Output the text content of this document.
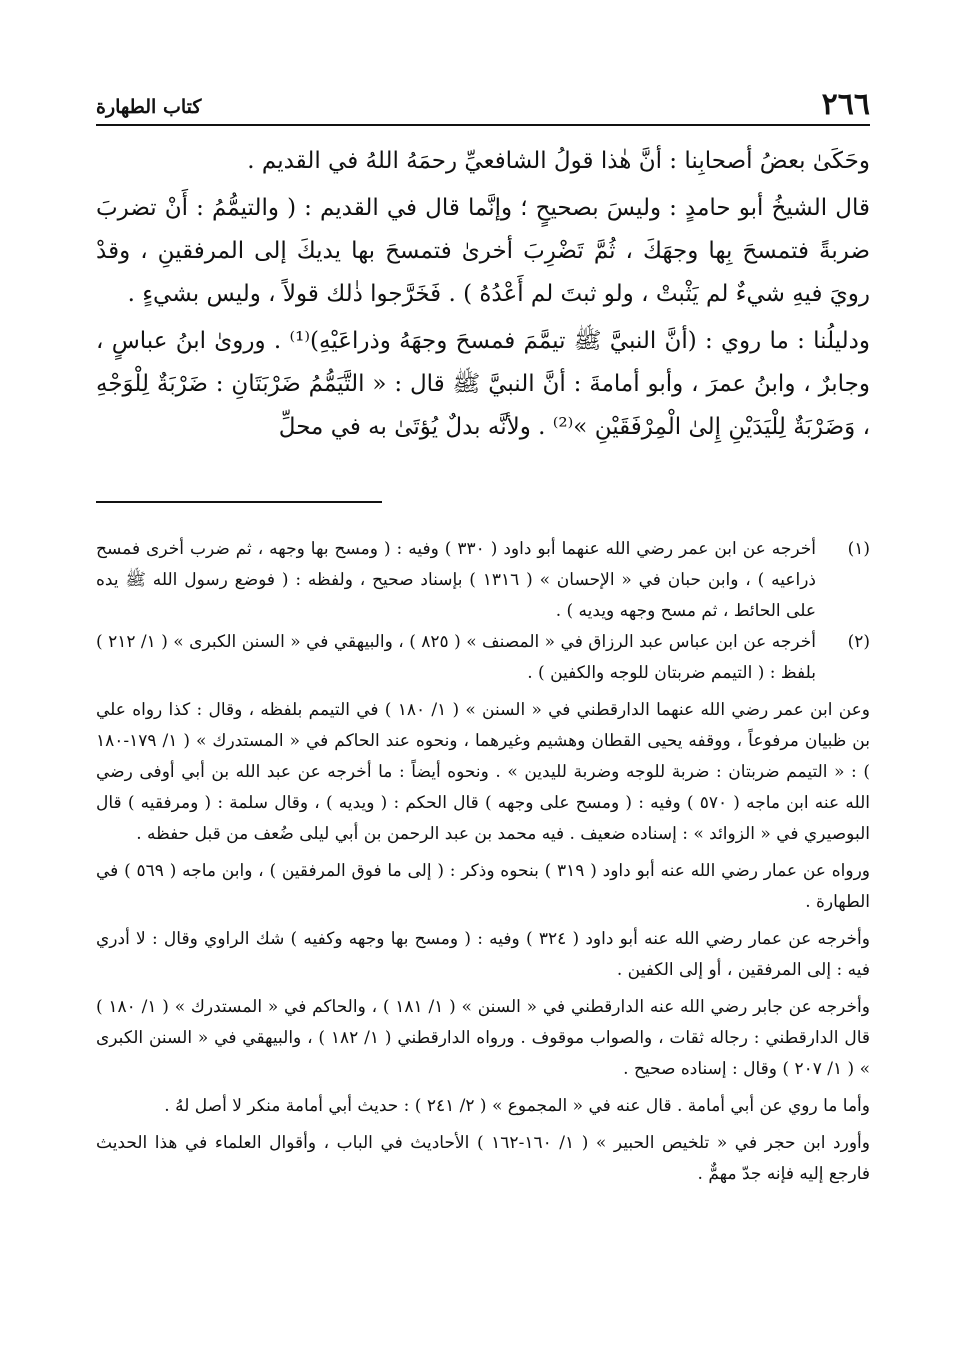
٢٦٦
كتاب الطهارة

وحَكَىٰ بعضُ أصحابِنا : أنَّ هٰذا قولُ الشافعيِّ رحمَهُ اللهُ في القديم .

قال الشيخُ أبو حامدٍ : وليسَ بصحيحٍ ؛ وإنَّما قال في القديم : ( والتيمُّمُ : أَنْ تضربَ ضربةً فتمسحَ بِها وجهَكَ ، ثُمَّ تَضْرِبَ أخرىٰ فتمسحَ بها يديكَ إلى المرفقينِ ، وقدْ رويَ فيهِ شيءٌ لم يَثْبتْ ، ولو ثبتَ لم أَعْدُهُ ) . فَخَرَّجوا ذٰلك قولاً ، وليس بشيءٍ .

ودليلُنا : ما روي : (أنَّ النبيَّ ﷺ تيمَّمَ فمسحَ وجهَهُ وذراعَيْهِ)⁽¹⁾ . وروىٰ ابنُ عباسٍ ، وجابرٌ ، وابنُ عمرَ ، وأبو أمامةَ : أنَّ النبيَّ ﷺ قال : « التَّيَمُّمُ ضَرْبَتَانِ : ضَرْبَةٌ لِلْوَجْهِ ، وَضَرْبَةٌ لِلْيَدَيْنِ إِلىٰ الْمِرْفَقَيْنِ »⁽²⁾ . ولأنَّه بدلٌ يُؤتَىٰ به في محلِّ

(١)

أخرجه عن ابن عمر رضي الله عنهما أبو داود ( ٣٣٠ ) وفيه : ( ومسح بها وجهه ، ثم ضرب أخرى فمسح ذراعيه ) ، وابن حبان في « الإحسان » ( ١٣١٦ ) بإسناد صحيح ، ولفظه : ( فوضع رسول الله ﷺ يده على الحائط ، ثم مسح وجهه ويديه ) .

(٢)

أخرجه عن ابن عباس عبد الرزاق في « المصنف » ( ٨٢٥ ) ، والبيهقي في « السنن الكبرى » ( ١/ ٢١٢ ) بلفظ : ( التيمم ضربتان للوجه والكفين ) .

وعن ابن عمر رضي الله عنهما الدارقطني في « السنن » ( ١/ ١٨٠ ) في التيمم بلفظه ، وقال : كذا رواه علي بن ظبيان مرفوعاً ، ووقفه يحيى القطان وهشيم وغيرهما ، ونحوه عند الحاكم في « المستدرك » ( ١/ ١٧٩-١٨٠ ) : « التيمم ضربتان : ضربة للوجه وضربة لليدين » . ونحوه أيضاً : ما أخرجه عن عبد الله بن أبي أوفى رضي الله عنه ابن ماجه ( ٥٧٠ ) وفيه : ( ومسح على وجهه ) قال الحكم : ( ويديه ) ، وقال سلمة : ( ومرفقيه ) قال البوصيري في « الزوائد » : إسناده ضعيف . فيه محمد بن عبد الرحمن بن أبي ليلى ضُعف من قبل حفظه .

ورواه عن عمار رضي الله عنه أبو داود ( ٣١٩ ) بنحوه وذكر : ( إلى ما فوق المرفقين ) ، وابن ماجه ( ٥٦٩ ) في الطهارة .

وأخرجه عن عمار رضي الله عنه أبو داود ( ٣٢٤ ) وفيه : ( ومسح بها وجهه وكفيه ) شك الراوي وقال : لا أدري فيه : إلى المرفقين ، أو إلى الكفين .

وأخرجه عن جابر رضي الله عنه الدارقطني في « السنن » ( ١/ ١٨١ ) ، والحاكم في « المستدرك » ( ١/ ١٨٠ ) قال الدارقطني : رجاله ثقات ، والصواب موقوف . ورواه الدارقطني ( ١/ ١٨٢ ) ، والبيهقي في « السنن الكبرى » ( ١/ ٢٠٧ ) وقال : إسناده صحيح .

وأما ما روي عن أبي أمامة . قال عنه في « المجموع » ( ٢/ ٢٤١ ) : حديث أبي أمامة منكر لا أصل لهُ .

وأورد ابن حجر في « تلخيص الحبير » ( ١/ ١٦٠-١٦٢ ) الأحاديث في الباب ، وأقوال العلماء في هذا الحديث فارجع إليه فإنه جدّ مهمٌّ .
